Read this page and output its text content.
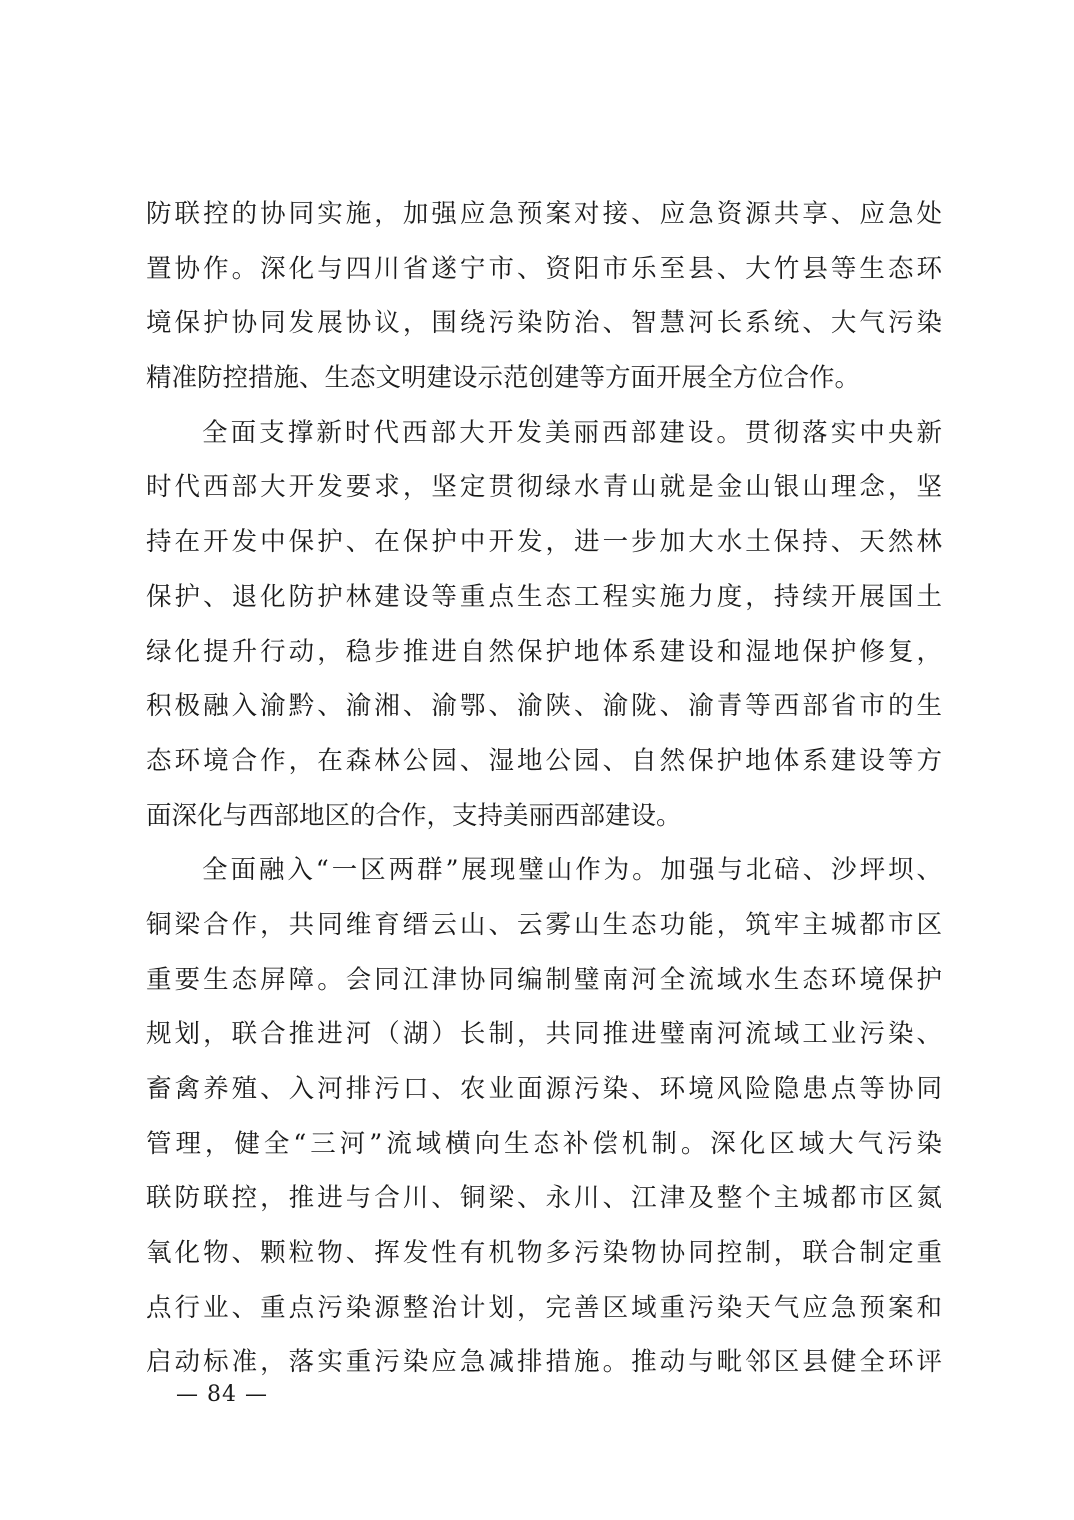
防联控的协同实施，加强应急预案对接、应急资源共享、应急处
置协作。深化与四川省遂宁市、资阳市乐至县、大竹县等生态环
境保护协同发展协议，围绕污染防治、智慧河长系统、大气污染
精准防控措施、生态文明建设示范创建等方面开展全方位合作。
全面支撑新时代西部大开发美丽西部建设。贯彻落实中央新
时代西部大开发要求，坚定贯彻绿水青山就是金山银山理念，坚
持在开发中保护、在保护中开发，进一步加大水土保持、天然林
保护、退化防护林建设等重点生态工程实施力度，持续开展国土
绿化提升行动，稳步推进自然保护地体系建设和湿地保护修复，
积极融入渝黔、渝湘、渝鄂、渝陕、渝陇、渝青等西部省市的生
态环境合作，在森林公园、湿地公园、自然保护地体系建设等方
面深化与西部地区的合作，支持美丽西部建设。
全面融入“一区两群”展现璧山作为。加强与北碚、沙坪坝、
铜梁合作，共同维育缙云山、云雾山生态功能，筑牢主城都市区
重要生态屏障。会同江津协同编制璧南河全流域水生态环境保护
规划，联合推进河（湖）长制，共同推进璧南河流域工业污染、
畜禽养殖、入河排污口、农业面源污染、环境风险隐患点等协同
管理，健全“三河”流域横向生态补偿机制。深化区域大气污染
联防联控，推进与合川、铜梁、永川、江津及整个主城都市区氮
氧化物、颗粒物、挥发性有机物多污染物协同控制，联合制定重
点行业、重点污染源整治计划，完善区域重污染天气应急预案和
启动标准，落实重污染应急减排措施。推动与毗邻区县健全环评
— 84 —
